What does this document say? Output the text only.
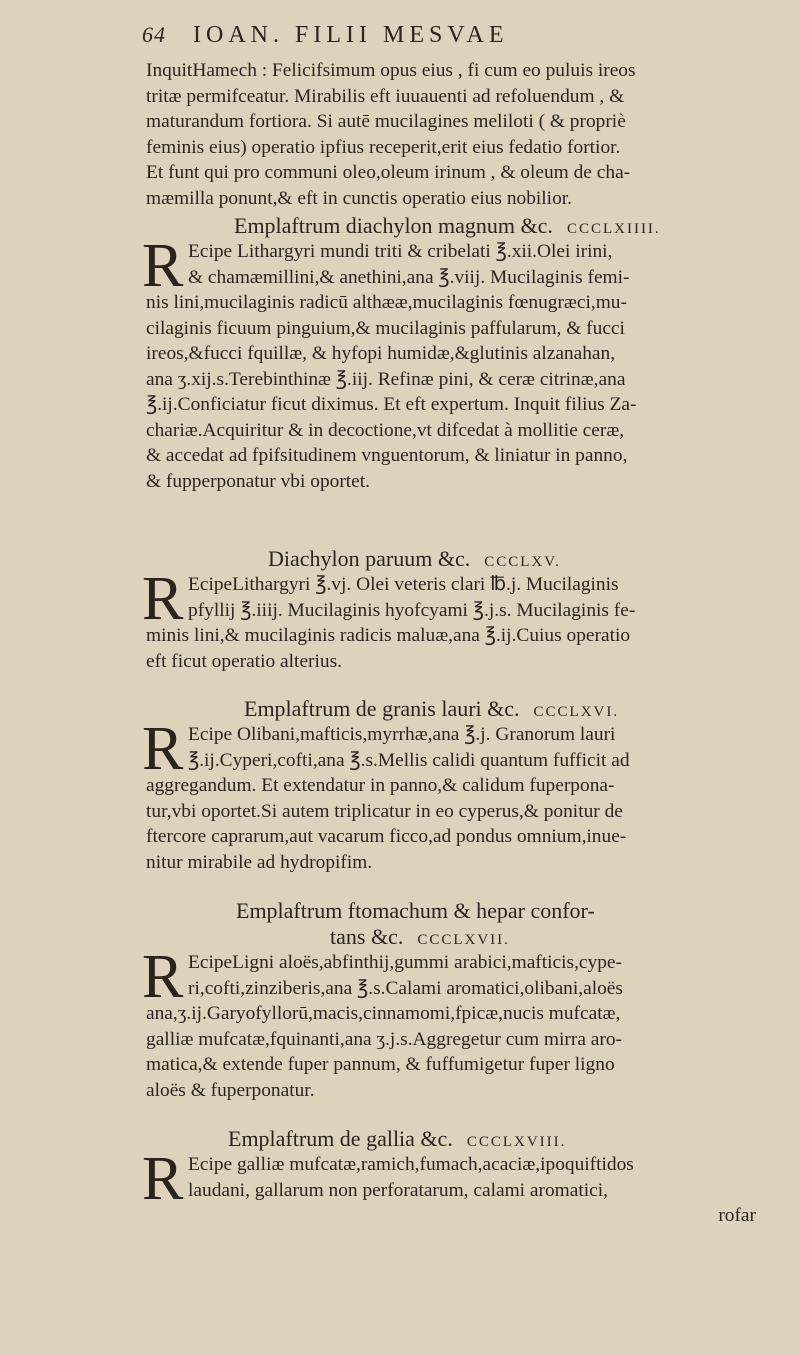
64 IOAN. FILII MESVAE
InquitHamech : Felicifsimum opus eius , fi cum eo puluis ireos
tritæ permifceatur. Mirabilis eft iuuauenti ad refoluendum , &
maturandum fortiora. Si autē mucilagines meliloti ( & propriè
feminis eius) operatio ipfius receperit,erit eius fedatio fortior.
Et funt qui pro communi oleo,oleum irinum , & oleum de cha-
mæmilla ponunt,& eft in cunctis operatio eius nobilior.
Emplaftrum diachylon magnum &c. CCCLXIIII.
R Ecipe Lithargyri mundi triti & cribelati ℥.xii.Olei irini,
& chamæmillini,& anethini,ana ℥.viij. Mucilaginis femi-
nis lini,mucilaginis radicū althææ,mucilaginis fœnugræci,mu-
cilaginis ficuum pinguium,& mucilaginis paffularum, & fucci
ireos,&fucci fquillæ, & hyfopi humidæ,&glutinis alzanahan,
ana ʒ.xij.s.Terebinthinæ ℥.iij. Refinæ pini, & ceræ citrinæ,ana
℥.ij.Conficiatur ficut diximus. Et eft expertum. Inquit filius Za-
chariæ.Acquiritur & in decoctione,vt difcedat à mollitie ceræ,
& accedat ad fpifsitudinem vnguentorum, & liniatur in panno,
& fupperponatur vbi oportet.
Diachylon paruum &c. CCCLXV.
R EcipeLithargyri ℥.vj. Olei veteris clari ℔.j. Mucilaginis
pfyllij ℥.iiij. Mucilaginis hyofcyami ℥.j.s. Mucilaginis fe-
minis lini,& mucilaginis radicis maluæ,ana ℥.ij.Cuius operatio
eft ficut operatio alterius.
Emplaftrum de granis lauri &c. CCCLXVI.
R Ecipe Olibani,mafticis,myrrhæ,ana ℥.j. Granorum lauri
℥.ij.Cyperi,cofti,ana ℥.s.Mellis calidi quantum fufficit ad
aggregandum. Et extendatur in panno,& calidum fuperpona-
tur,vbi oportet.Si autem triplicatur in eo cyperus,& ponitur de
ftercore caprarum,aut vacarum ficco,ad pondus omnium,inue-
nitur mirabile ad hydropifim.
Emplaftrum ftomachum & hepar confor-
tans &c. CCCLXVII.
R EcipeLigni aloës,abfinthij,gummi arabici,mafticis,cype-
ri,cofti,zinziberis,ana ℥.s.Calami aromatici,olibani,aloës
ana,ʒ.ij.Garyofyllorū,macis,cinnamomi,fpicæ,nucis mufcatæ,
galliæ mufcatæ,fquinanti,ana ʒ.j.s.Aggregetur cum mirra aro-
matica,& extende fuper pannum, & fuffumigetur fuper ligno
aloës & fuperponatur.
Emplaftrum de gallia &c. CCCLXVIII.
R Ecipe galliæ mufcatæ,ramich,fumach,acaciæ,ipoquiftidos
laudani, gallarum non perforatarum, calami aromatici,
rofar
